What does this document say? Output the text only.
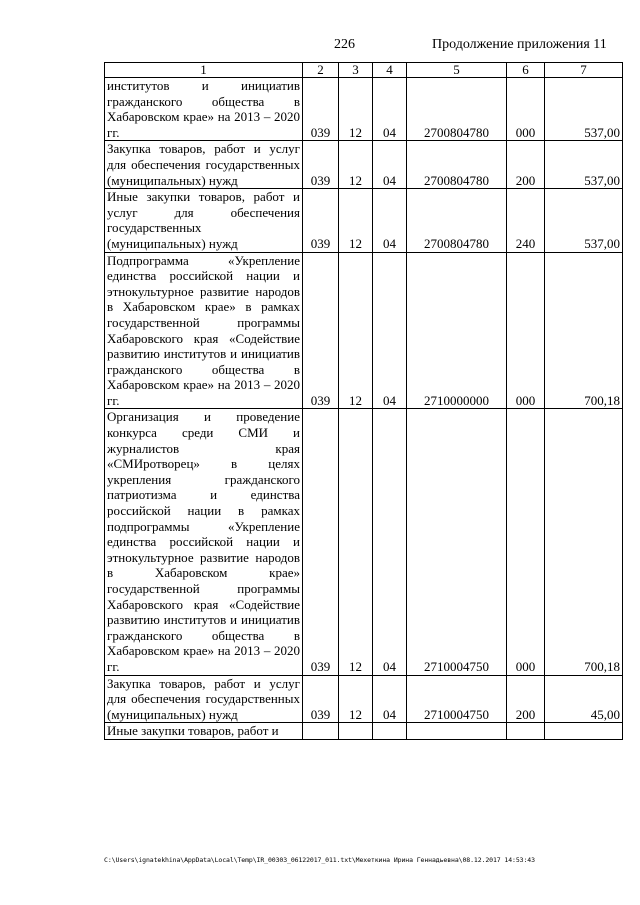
226	Продолжение приложения 11
1	2	3	4	5	6	7
институтов и инициатив гражданского общества в Хабаровском крае» на 2013 – 2020 гг.	039	12	04	2700804780	000	537,00
Закупка товаров, работ и услуг для обеспечения государственных (муниципальных) нужд	039	12	04	2700804780	200	537,00
Иные закупки товаров, работ и услуг для обеспечения государственных (муниципальных) нужд	039	12	04	2700804780	240	537,00
Подпрограмма «Укрепление единства российской нации и этнокультурное развитие народов в Хабаровском крае» в рамках государственной программы Хабаровского края «Содействие развитию институтов и инициатив гражданского общества в Хабаровском крае» на 2013 – 2020 гг.	039	12	04	2710000000	000	700,18
Организация и проведение конкурса среди СМИ и журналистов края «СМИротворец» в целях укрепления гражданского патриотизма и единства российской нации в рамках подпрограммы «Укрепление единства российской нации и этнокультурное развитие народов в Хабаровском крае» государственной программы Хабаровского края «Содействие развитию институтов и инициатив гражданского общества в Хабаровском крае» на 2013 – 2020 гг.	039	12	04	2710004750	000	700,18
Закупка товаров, работ и услуг для обеспечения государственных (муниципальных) нужд	039	12	04	2710004750	200	45,00
Иные закупки товаров, работ и						
C:\Users\ignatekhina\AppData\Local\Temp\IR_00303_06122017_011.txt\Мехеткина Ирина Геннадьевна\08.12.2017 14:53:43
